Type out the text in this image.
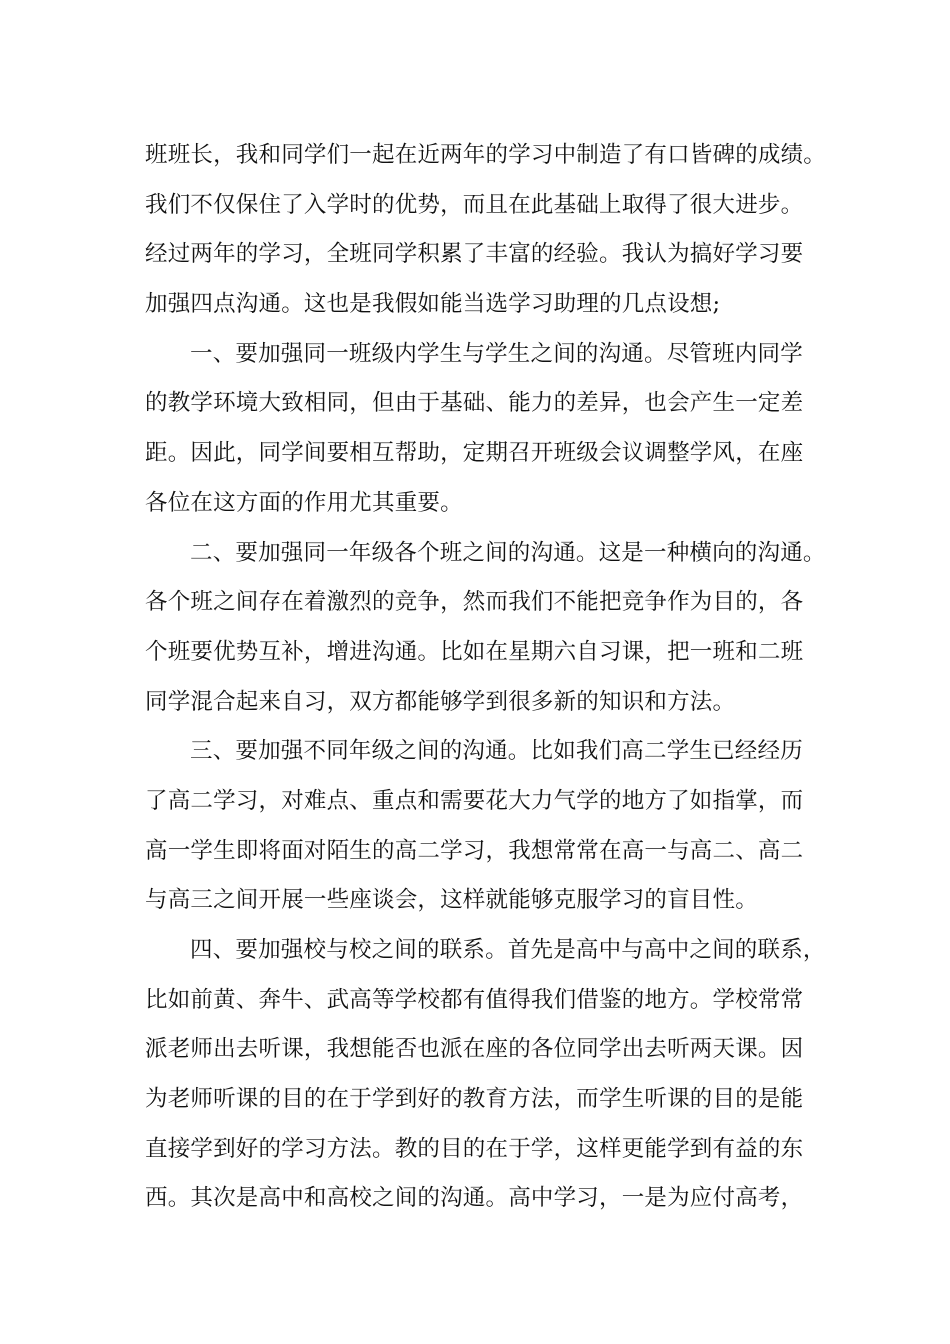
班班长，我和同学们一起在近两年的学习中制造了有口皆碑的成绩。
我们不仅保住了入学时的优势，而且在此基础上取得了很大进步。
经过两年的学习，全班同学积累了丰富的经验。我认为搞好学习要
加强四点沟通。这也是我假如能当选学习助理的几点设想;
一、要加强同一班级内学生与学生之间的沟通。尽管班内同学
的教学环境大致相同，但由于基础、能力的差异，也会产生一定差
距。因此，同学间要相互帮助，定期召开班级会议调整学风，在座
各位在这方面的作用尤其重要。
二、要加强同一年级各个班之间的沟通。这是一种横向的沟通。
各个班之间存在着激烈的竞争，然而我们不能把竞争作为目的，各
个班要优势互补，增进沟通。比如在星期六自习课，把一班和二班
同学混合起来自习，双方都能够学到很多新的知识和方法。
三、要加强不同年级之间的沟通。比如我们高二学生已经经历
了高二学习，对难点、重点和需要花大力气学的地方了如指掌，而
高一学生即将面对陌生的高二学习，我想常常在高一与高二、高二
与高三之间开展一些座谈会，这样就能够克服学习的盲目性。
四、要加强校与校之间的联系。首先是高中与高中之间的联系，
比如前黄、奔牛、武高等学校都有值得我们借鉴的地方。学校常常
派老师出去听课，我想能否也派在座的各位同学出去听两天课。因
为老师听课的目的在于学到好的教育方法，而学生听课的目的是能
直接学到好的学习方法。教的目的在于学，这样更能学到有益的东
西。其次是高中和高校之间的沟通。高中学习，一是为应付高考，
